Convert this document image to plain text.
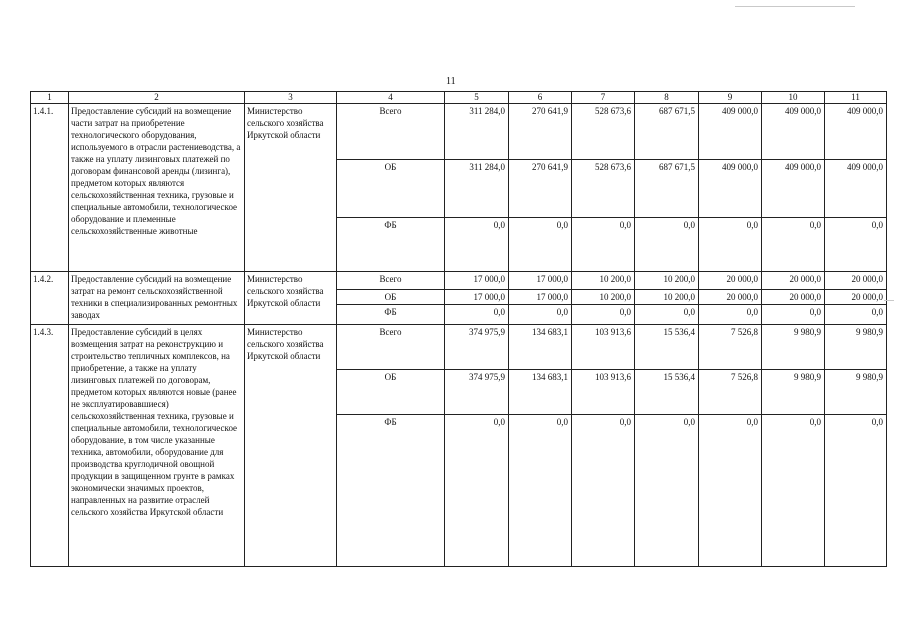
11
1	2	3	4	5	6	7	8	9	10	11
1.4.1.	Предоставление субсидий на возмещение части затрат на приобретение технологического оборудования, используемого в отрасли растениеводства, а также на уплату лизинговых платежей по договорам финансовой аренды (лизинга), предметом которых являются сельскохозяйственная техника, грузовые и специальные автомобили, технологическое оборудование и племенные сельскохозяйственные животные	Министерство сельского хозяйства Иркутской области	Всего	311 284,0	270 641,9	528 673,6	687 671,5	409 000,0	409 000,0	409 000,0
			ОБ	311 284,0	270 641,9	528 673,6	687 671,5	409 000,0	409 000,0	409 000,0
			ФБ	0,0	0,0	0,0	0,0	0,0	0,0	0,0
1.4.2.	Предоставление субсидий на возмещение затрат на ремонт сельскохозяйственной техники в специализированных ремонтных заводах	Министерство сельского хозяйства Иркутской области	Всего	17 000,0	17 000,0	10 200,0	10 200,0	20 000,0	20 000,0	20 000,0
			ОБ	17 000,0	17 000,0	10 200,0	10 200,0	20 000,0	20 000,0	20 000,0
			ФБ	0,0	0,0	0,0	0,0	0,0	0,0	0,0
1.4.3.	Предоставление субсидий в целях возмещения затрат на реконструкцию и строительство тепличных комплексов, на приобретение, а также на уплату лизинговых платежей по договорам, предметом которых являются новые (ранее не эксплуатировавшиеся) сельскохозяйственная техника, грузовые и специальные автомобили, технологическое оборудование, в том числе указанные техника, автомобили, оборудование для производства круглодичной овощной продукции в защищенном грунте в рамках экономически значимых проектов, направленных на развитие отраслей сельского хозяйства Иркутской области	Министерство сельского хозяйства Иркутской области	Всего	374 975,9	134 683,1	103 913,6	15 536,4	7 526,8	9 980,9	9 980,9
			ОБ	374 975,9	134 683,1	103 913,6	15 536,4	7 526,8	9 980,9	9 980,9
			ФБ	0,0	0,0	0,0	0,0	0,0	0,0	0,0
